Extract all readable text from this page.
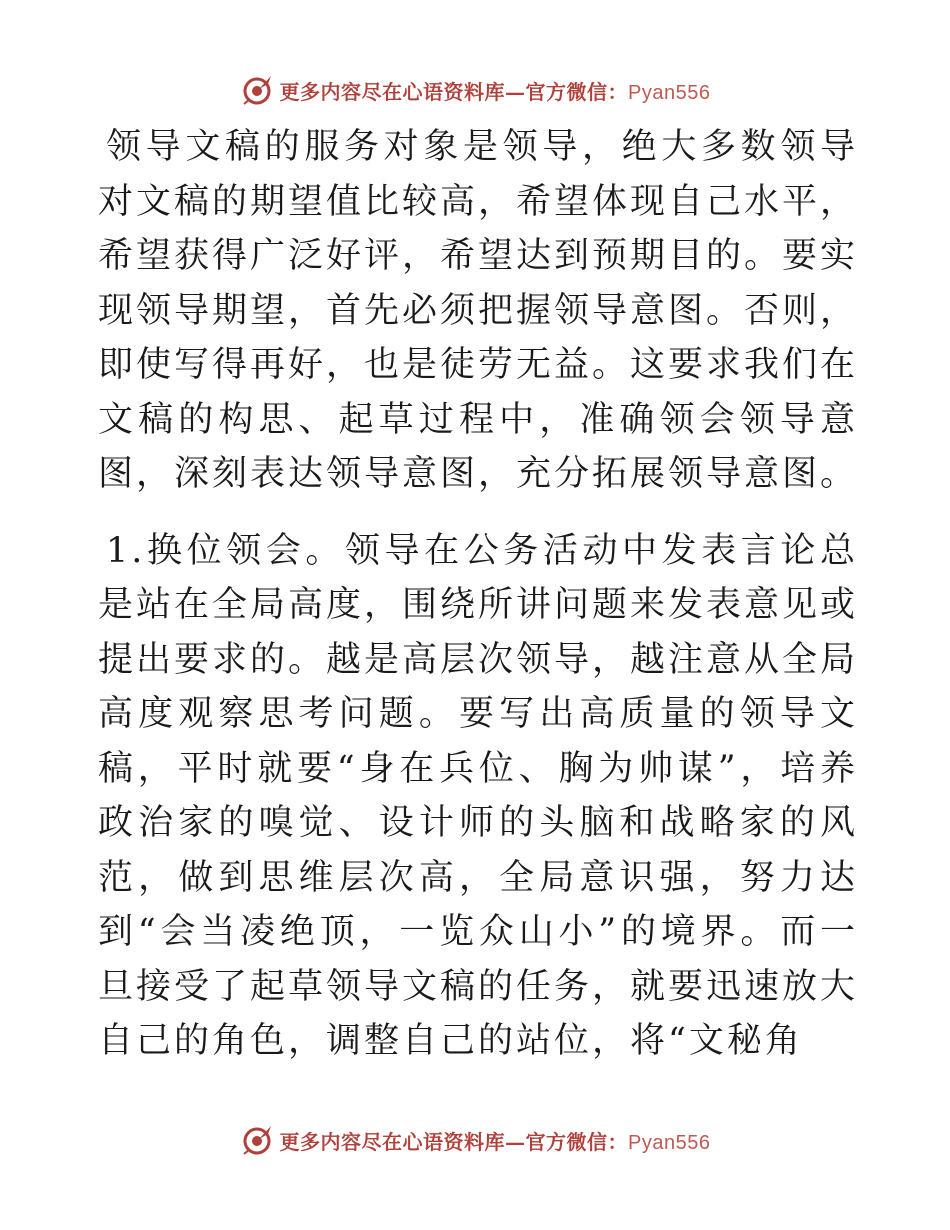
更多内容尽在心语资料库—官方微信：Pyan556

领导文稿的服务对象是领导，绝大多数领导对文稿的期望值比较高，希望体现自己水平，希望获得广泛好评，希望达到预期目的。要实现领导期望，首先必须把握领导意图。否则，即使写得再好，也是徒劳无益。这要求我们在文稿的构思、起草过程中，准确领会领导意图，深刻表达领导意图，充分拓展领导意图。

1.换位领会。领导在公务活动中发表言论总是站在全局高度，围绕所讲问题来发表意见或提出要求的。越是高层次领导，越注意从全局高度观察思考问题。要写出高质量的领导文稿，平时就要“身在兵位、胸为帅谋”，培养政治家的嗅觉、设计师的头脑和战略家的风范，做到思维层次高，全局意识强，努力达到“会当凌绝顶，一览众山小”的境界。而一旦接受了起草领导文稿的任务，就要迅速放大自己的角色，调整自己的站位，将“文秘角

更多内容尽在心语资料库—官方微信：Pyan556
